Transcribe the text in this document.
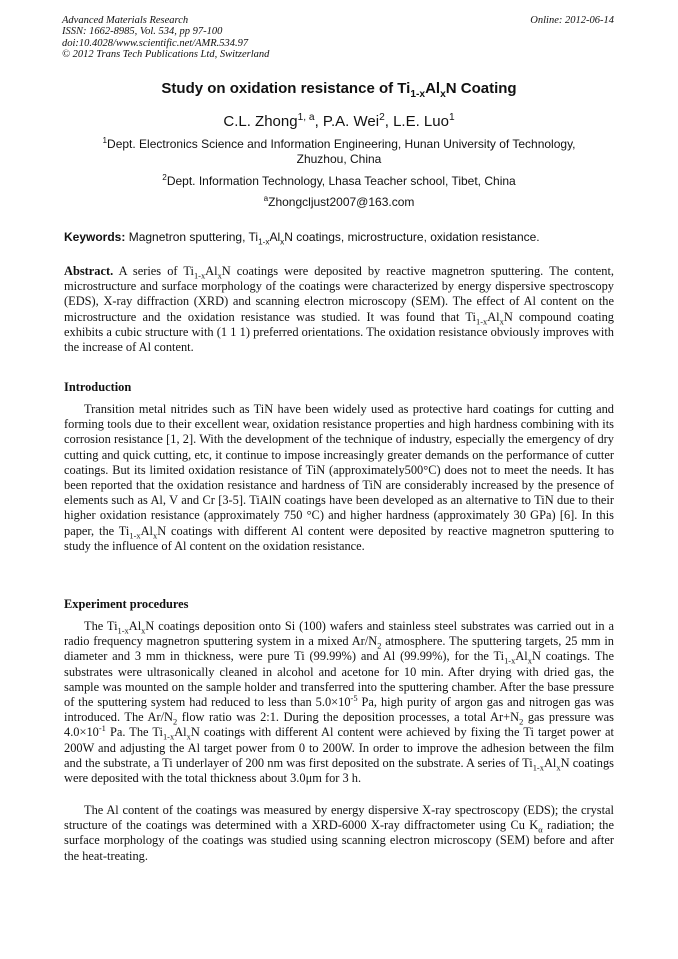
Advanced Materials Research
ISSN: 1662-8985, Vol. 534, pp 97-100
doi:10.4028/www.scientific.net/AMR.534.97
© 2012 Trans Tech Publications Ltd, Switzerland
Online: 2012-06-14
Study on oxidation resistance of $Ti_{1-x}Al_xN$ Coating
C.L. Zhong$^{1, a}$, P.A. Wei$^2$, L.E. Luo$^1$
$^1$Dept. Electronics Science and Information Engineering, Hunan University of Technology, Zhuzhou, China
$^2$Dept. Information Technology, Lhasa Teacher school, Tibet, China
$^a$Zhongcljust2007@163.com
Keywords: Magnetron sputtering, $Ti_{1-x}Al_xN$ coatings, microstructure, oxidation resistance.

Abstract. A series of $Ti_{1-x}Al_xN$ coatings were deposited by reactive magnetron sputtering. The content, microstructure and surface morphology of the coatings were characterized by energy dispersive spectroscopy (EDS), X-ray diffraction (XRD) and scanning electron microscopy (SEM). The effect of Al content on the microstructure and the oxidation resistance was studied. It was found that $Ti_{1-x}Al_xN$ compound coating exhibits a cubic structure with (1 1 1) preferred orientations. The oxidation resistance obviously improves with the increase of Al content.

Introduction

Transition metal nitrides such as TiN have been widely used as protective hard coatings for cutting and forming tools due to their excellent wear, oxidation resistance properties and high hardness combining with its corrosion resistance [1, 2]. With the development of the technique of industry, especially the emergency of dry cutting and quick cutting, etc, it continue to impose increasingly greater demands on the performance of cutter coatings. But its limited oxidation resistance of TiN (approximately500°C) does not to meet the needs. It has been reported that the oxidation resistance and hardness of TiN are considerably increased by the presence of elements such as Al, V and Cr [3-5]. TiAlN coatings have been developed as an alternative to TiN due to their higher oxidation resistance (approximately 750 °C) and higher hardness (approximately 30 GPa) [6]. In this paper, the $Ti_{1-x}Al_xN$ coatings with different Al content were deposited by reactive magnetron sputtering to study the influence of Al content on the oxidation resistance.

Experiment procedures

The $Ti_{1-x}Al_xN$ coatings deposition onto Si (100) wafers and stainless steel substrates was carried out in a radio frequency magnetron sputtering system in a mixed $Ar/N_2$ atmosphere. The sputtering targets, 25 mm in diameter and 3 mm in thickness, were pure Ti (99.99%) and Al (99.99%), for the $Ti_{1-x}Al_xN$ coatings. The substrates were ultrasonically cleaned in alcohol and acetone for 10 min. After drying with dried gas, the sample was mounted on the sample holder and transferred into the sputtering chamber. After the base pressure of the sputtering system had reduced to less than $5.0\times 10^{-5}$ Pa, high purity of argon gas and nitrogen gas was introduced. The $Ar/N_2$ flow ratio was 2:1. During the deposition processes, a total $Ar+N_2$ gas pressure was $4.0\times 10^{-1}$ Pa. The $Ti_{1-x}Al_xN$ coatings with different Al content were achieved by fixing the Ti target power at 200W and adjusting the Al target power from 0 to 200W. In order to improve the adhesion between the film and the substrate, a Ti underlayer of 200 nm was first deposited on the substrate. A series of $Ti_{1-x}Al_xN$ coatings were deposited with the total thickness about 3.0μm for 3 h.

The Al content of the coatings was measured by energy dispersive X-ray spectroscopy (EDS); the crystal structure of the coatings was determined with a XRD-6000 X-ray diffractometer using Cu $K_\alpha$ radiation; the surface morphology of the coatings was studied using scanning electron microscopy (SEM) before and after the heat-treating.
